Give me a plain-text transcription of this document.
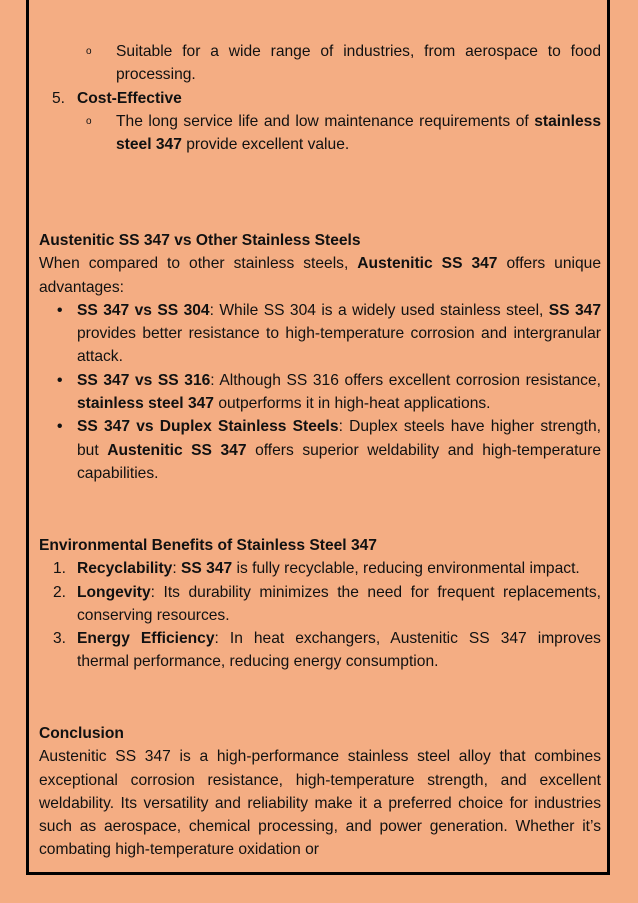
o Suitable for a wide range of industries, from aerospace to food processing.
5. Cost-Effective
o The long service life and low maintenance requirements of stainless steel 347 provide excellent value.

Austenitic SS 347 vs Other Stainless Steels

When compared to other stainless steels, Austenitic SS 347 offers unique advantages:

• SS 347 vs SS 304: While SS 304 is a widely used stainless steel, SS 347 provides better resistance to high-temperature corrosion and intergranular attack.
• SS 347 vs SS 316: Although SS 316 offers excellent corrosion resistance, stainless steel 347 outperforms it in high-heat applications.
• SS 347 vs Duplex Stainless Steels: Duplex steels have higher strength, but Austenitic SS 347 offers superior weldability and high-temperature capabilities.

Environmental Benefits of Stainless Steel 347

1. Recyclability: SS 347 is fully recyclable, reducing environmental impact.
2. Longevity: Its durability minimizes the need for frequent replacements, conserving resources.
3. Energy Efficiency: In heat exchangers, Austenitic SS 347 improves thermal performance, reducing energy consumption.

Conclusion

Austenitic SS 347 is a high-performance stainless steel alloy that combines exceptional corrosion resistance, high-temperature strength, and excellent weldability. Its versatility and reliability make it a preferred choice for industries such as aerospace, chemical processing, and power generation. Whether it’s combating high-temperature oxidation or
